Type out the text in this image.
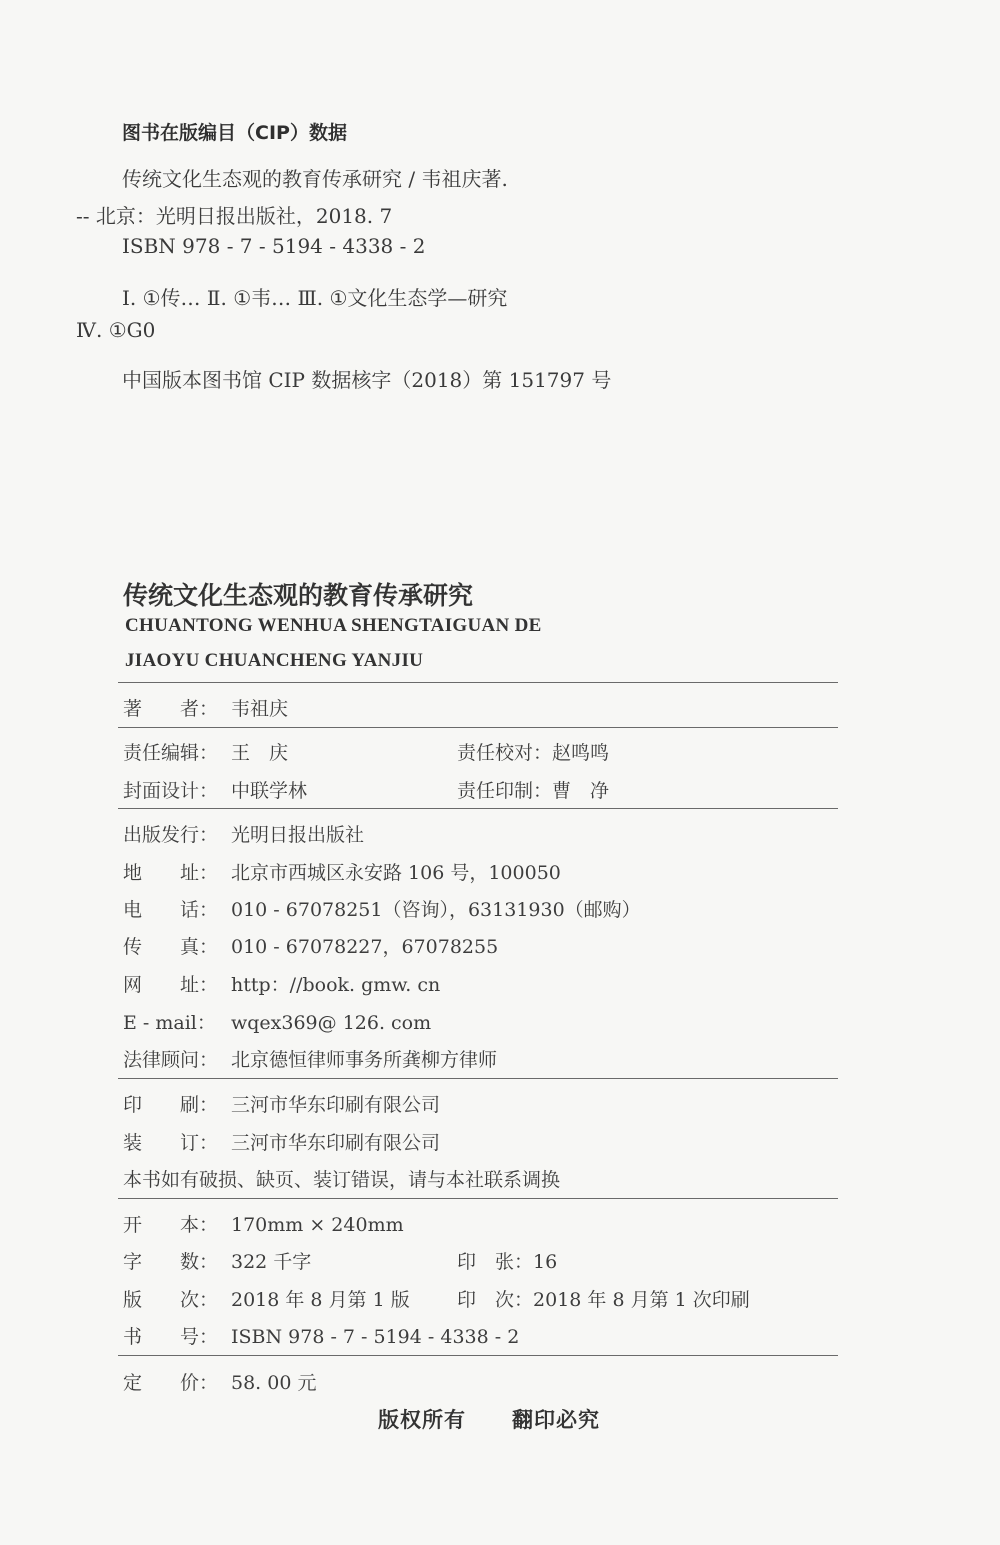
图书在版编目（CIP）数据
传统文化生态观的教育传承研究 / 韦祖庆著.
-- 北京：光明日报出版社，2018. 7
ISBN 978 - 7 - 5194 - 4338 - 2
Ⅰ. ①传… Ⅱ. ①韦… Ⅲ. ①文化生态学—研究
Ⅳ. ①G0
中国版本图书馆 CIP 数据核字（2018）第 151797 号
传统文化生态观的教育传承研究
CHUANTONG WENHUA SHENGTAIGUAN DE
JIAOYU CHUANCHENG YANJIU
著　　者： 韦祖庆
责任编辑： 王　庆	责任校对：赵鸣鸣
封面设计： 中联学林	责任印制：曹　净
出版发行： 光明日报出版社
地　　址： 北京市西城区永安路 106 号，100050
电　　话： 010 - 67078251（咨询），63131930（邮购）
传　　真： 010 - 67078227，67078255
网　　址： http：//book. gmw. cn
E - mail： wqex369@ 126. com
法律顾问： 北京德恒律师事务所龚柳方律师
印　　刷： 三河市华东印刷有限公司
装　　订： 三河市华东印刷有限公司
本书如有破损、缺页、装订错误，请与本社联系调换
开　　本： 170mm × 240mm
字　　数： 322 千字	印　张：16
版　　次： 2018 年 8 月第 1 版 印　次：2018 年 8 月第 1 次印刷
书　　号： ISBN 978 - 7 - 5194 - 4338 - 2
定　　价： 58. 00 元
版权所有 翻印必究
